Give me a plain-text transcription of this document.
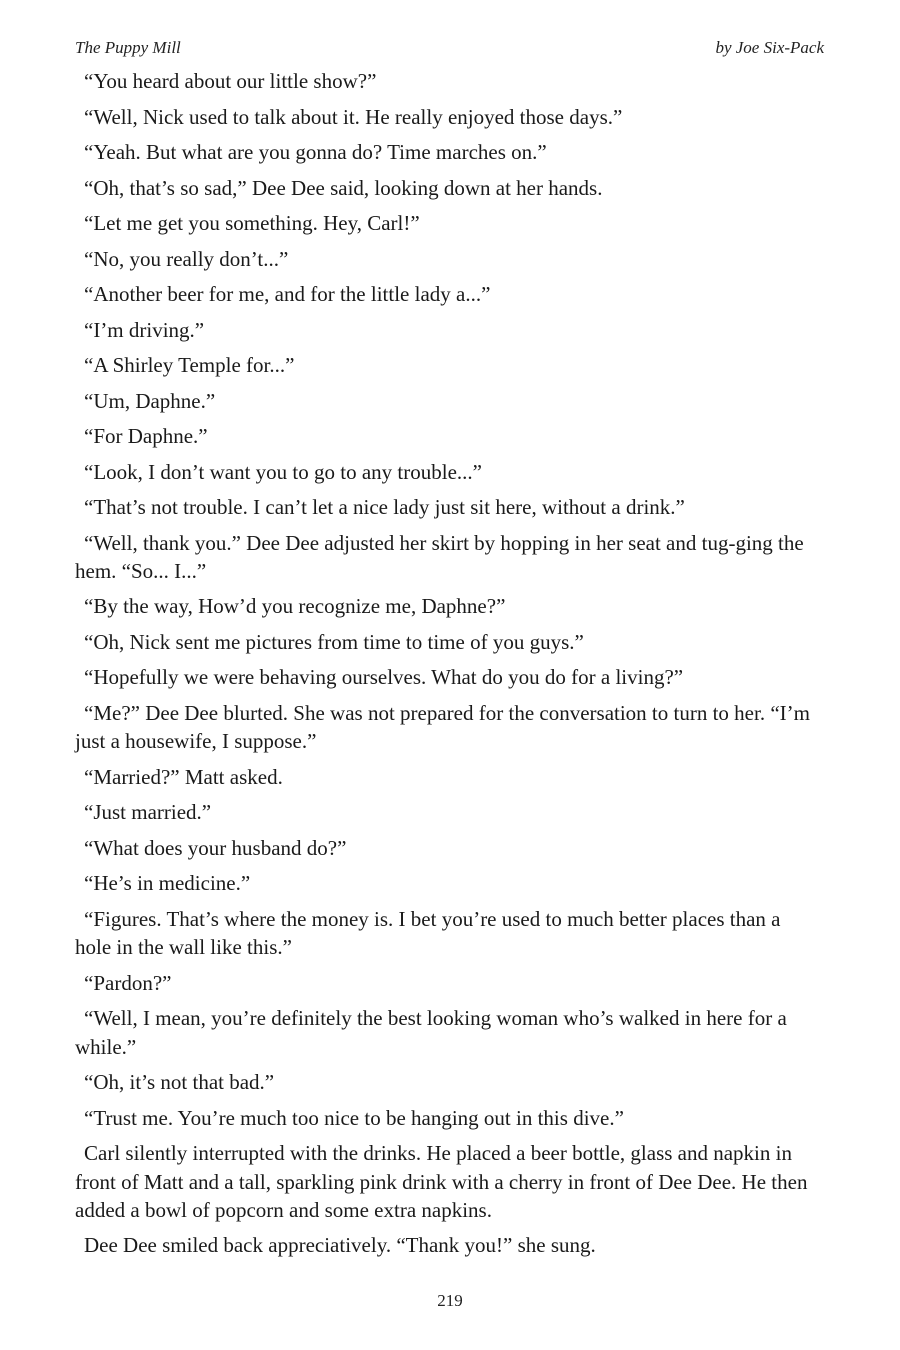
The Puppy Mill	by Joe Six-Pack

“You heard about our little show?”

“Well, Nick used to talk about it. He really enjoyed those days.”

“Yeah. But what are you gonna do? Time marches on.”

“Oh, that’s so sad,” Dee Dee said, looking down at her hands.

“Let me get you something. Hey, Carl!”

“No, you really don’t...”

“Another beer for me, and for the little lady a...”

“I’m driving.”

“A Shirley Temple for...”

“Um, Daphne.”

“For Daphne.”

“Look, I don’t want you to go to any trouble...”

“That’s not trouble. I can’t let a nice lady just sit here, without a drink.”

“Well, thank you.” Dee Dee adjusted her skirt by hopping in her seat and tug-ging the hem. “So... I...”

“By the way, How’d you recognize me, Daphne?”

“Oh, Nick sent me pictures from time to time of you guys.”

“Hopefully we were behaving ourselves. What do you do for a living?”

“Me?” Dee Dee blurted. She was not prepared for the conversation to turn to her. “I’m just a housewife, I suppose.”

“Married?” Matt asked.

“Just married.”

“What does your husband do?”

“He’s in medicine.”

“Figures. That’s where the money is. I bet you’re used to much better places than a hole in the wall like this.”

“Pardon?”

“Well, I mean, you’re definitely the best looking woman who’s walked in here for a while.”

“Oh, it’s not that bad.”

“Trust me. You’re much too nice to be hanging out in this dive.”

Carl silently interrupted with the drinks. He placed a beer bottle, glass and napkin in front of Matt and a tall, sparkling pink drink with a cherry in front of Dee Dee. He then added a bowl of popcorn and some extra napkins.

Dee Dee smiled back appreciatively. “Thank you!” she sung.

219
